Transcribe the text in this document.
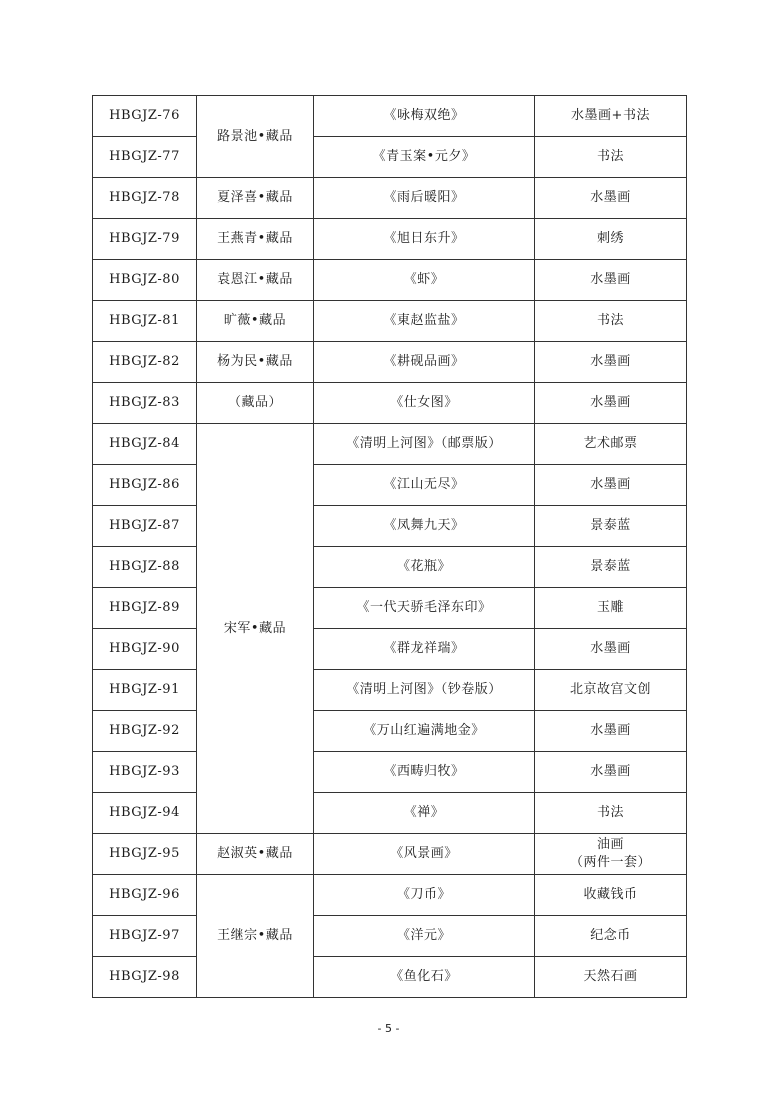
HBGJZ-76	路景池•藏品	《咏梅双绝》	水墨画+书法
HBGJZ-77		《青玉案•元夕》	书法
HBGJZ-78	夏泽喜•藏品	《雨后暖阳》	水墨画
HBGJZ-79	王燕青•藏品	《旭日东升》	刺绣
HBGJZ-80	袁恩江•藏品	《虾》	水墨画
HBGJZ-81	旷薇•藏品	《東赵监盐》	书法
HBGJZ-82	杨为民•藏品	《耕砚品画》	水墨画
HBGJZ-83	（藏品）	《仕女图》	水墨画
HBGJZ-84	宋军•藏品	《清明上河图》（邮票版）	艺术邮票
HBGJZ-86		《江山无尽》	水墨画
HBGJZ-87		《凤舞九天》	景泰蓝
HBGJZ-88		《花瓶》	景泰蓝
HBGJZ-89		《一代天骄毛泽东印》	玉雕
HBGJZ-90		《群龙祥瑞》	水墨画
HBGJZ-91		《清明上河图》（钞卷版）	北京故宫文创
HBGJZ-92		《万山红遍满地金》	水墨画
HBGJZ-93		《西畴归牧》	水墨画
HBGJZ-94		《禅》	书法
HBGJZ-95	赵淑英•藏品	《风景画》	油画
（两件一套）

HBGJZ-96	王继宗•藏品	《刀币》	收藏钱币
HBGJZ-97		《洋元》	纪念币
HBGJZ-98		《鱼化石》	天然石画
- 5 -
